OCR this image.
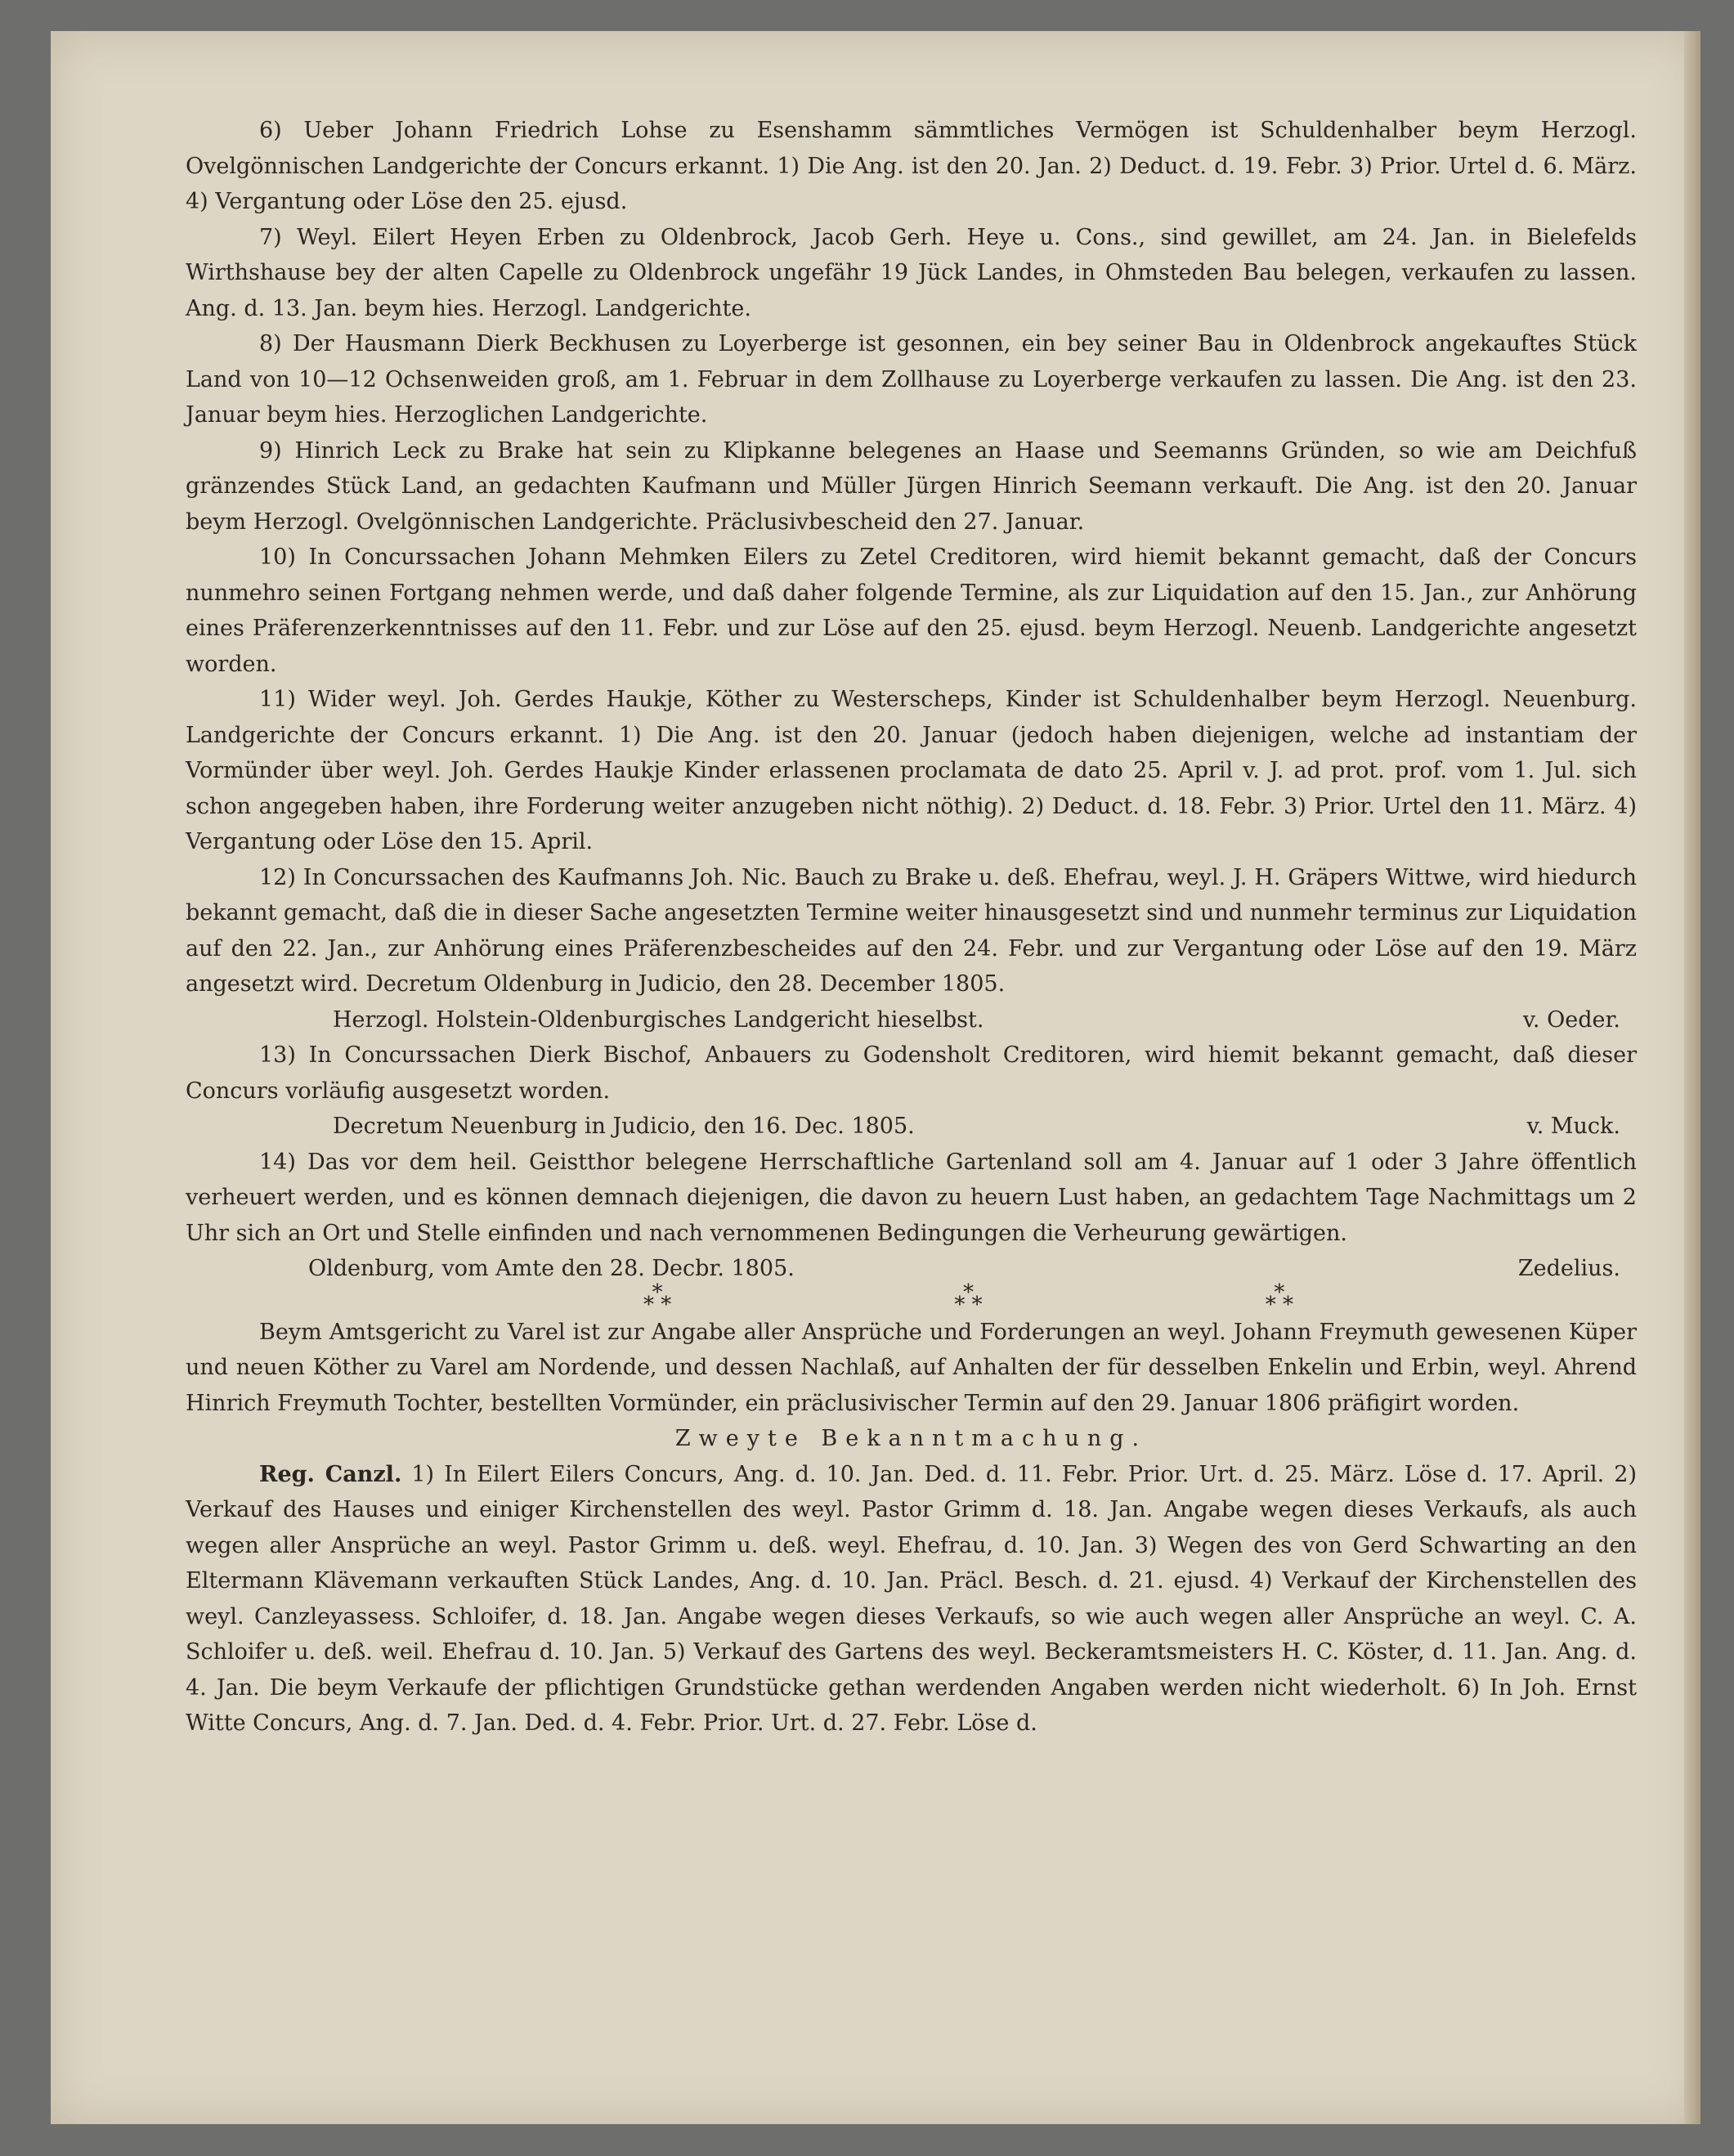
6) Ueber Johann Friedrich Lohse zu Esenshamm sämmtliches Vermögen ist Schuldenhalber beym Herzogl. Ovelgönnischen Landgerichte der Concurs erkannt. 1) Die Ang. ist den 20. Jan. 2) Deduct. d. 19. Febr. 3) Prior. Urtel d. 6. März. 4) Vergantung oder Löse den 25. ejusd.

7) Weyl. Eilert Heyen Erben zu Oldenbrock, Jacob Gerh. Heye u. Cons., sind gewillet, am 24. Jan. in Bielefelds Wirthshause bey der alten Capelle zu Oldenbrock ungefähr 19 Jück Landes, in Ohmsteden Bau belegen, verkaufen zu lassen. Ang. d. 13. Jan. beym hies. Herzogl. Landgerichte.

8) Der Hausmann Dierk Beckhusen zu Loyerberge ist gesonnen, ein bey seiner Bau in Oldenbrock angekauftes Stück Land von 10—12 Ochsenweiden groß, am 1. Februar in dem Zollhause zu Loyerberge verkaufen zu lassen. Die Ang. ist den 23. Januar beym hies. Herzoglichen Landgerichte.

9) Hinrich Leck zu Brake hat sein zu Klipkanne belegenes an Haase und Seemanns Gründen, so wie am Deichfuß gränzendes Stück Land, an gedachten Kaufmann und Müller Jürgen Hinrich Seemann verkauft. Die Ang. ist den 20. Januar beym Herzogl. Ovelgönnischen Landgerichte. Präclusivbescheid den 27. Januar.

10) In Concurssachen Johann Mehmken Eilers zu Zetel Creditoren, wird hiemit bekannt gemacht, daß der Concurs nunmehro seinen Fortgang nehmen werde, und daß daher folgende Termine, als zur Liquidation auf den 15. Jan., zur Anhörung eines Präferenzerkenntnisses auf den 11. Febr. und zur Löse auf den 25. ejusd. beym Herzogl. Neuenb. Landgerichte angesetzt worden.

11) Wider weyl. Joh. Gerdes Haukje, Köther zu Westerscheps, Kinder ist Schuldenhalber beym Herzogl. Neuenburg. Landgerichte der Concurs erkannt. 1) Die Ang. ist den 20. Januar (jedoch haben diejenigen, welche ad instantiam der Vormünder über weyl. Joh. Gerdes Haukje Kinder erlassenen proclamata de dato 25. April v. J. ad prot. prof. vom 1. Jul. sich schon angegeben haben, ihre Forderung weiter anzugeben nicht nöthig). 2) Deduct. d. 18. Febr. 3) Prior. Urtel den 11. März. 4) Vergantung oder Löse den 15. April.

12) In Concurssachen des Kaufmanns Joh. Nic. Bauch zu Brake u. deß. Ehefrau, weyl. J. H. Gräpers Wittwe, wird hiedurch bekannt gemacht, daß die in dieser Sache angesetzten Termine weiter hinausgesetzt sind und nunmehr terminus zur Liquidation auf den 22. Jan., zur Anhörung eines Präferenzbescheides auf den 24. Febr. und zur Vergantung oder Löse auf den 19. März angesetzt wird. Decretum Oldenburg in Judicio, den 28. December 1805.

Herzogl. Holstein-Oldenburgisches Landgericht hieselbst.	v. Oeder.

13) In Concurssachen Dierk Bischof, Anbauers zu Godensholt Creditoren, wird hiemit bekannt gemacht, daß dieser Concurs vorläufig ausgesetzt worden.

Decretum Neuenburg in Judicio, den 16. Dec. 1805.	v. Muck.

14) Das vor dem heil. Geistthor belegene Herrschaftliche Gartenland soll am 4. Januar auf 1 oder 3 Jahre öffentlich verheuert werden, und es können demnach diejenigen, die davon zu heuern Lust haben, an gedachtem Tage Nachmittags um 2 Uhr sich an Ort und Stelle einfinden und nach vernommenen Bedingungen die Verheurung gewärtigen.

Oldenburg, vom Amte den 28. Decbr. 1805.	Zedelius.
*
* *	*
* *	*
* *

Beym Amtsgericht zu Varel ist zur Angabe aller Ansprüche und Forderungen an weyl. Johann Freymuth gewesenen Küper und neuen Köther zu Varel am Nordende, und dessen Nachlaß, auf Anhalten der für desselben Enkelin und Erbin, weyl. Ahrend Hinrich Freymuth Tochter, bestellten Vormünder, ein präclusivischer Termin auf den 29. Januar 1806 präfigirt worden.

Zweyte Bekanntmachung.

Reg. Canzl. 1) In Eilert Eilers Concurs, Ang. d. 10. Jan. Ded. d. 11. Febr. Prior. Urt. d. 25. März. Löse d. 17. April. 2) Verkauf des Hauses und einiger Kirchenstellen des weyl. Pastor Grimm d. 18. Jan. Angabe wegen dieses Verkaufs, als auch wegen aller Ansprüche an weyl. Pastor Grimm u. deß. weyl. Ehefrau, d. 10. Jan. 3) Wegen des von Gerd Schwarting an den Eltermann Klävemann verkauften Stück Landes, Ang. d. 10. Jan. Präcl. Besch. d. 21. ejusd. 4) Verkauf der Kirchenstellen des weyl. Canzleyassess. Schloifer, d. 18. Jan. Angabe wegen dieses Verkaufs, so wie auch wegen aller Ansprüche an weyl. C. A. Schloifer u. deß. weil. Ehefrau d. 10. Jan. 5) Verkauf des Gartens des weyl. Beckeramtsmeisters H. C. Köster, d. 11. Jan. Ang. d. 4. Jan. Die beym Verkaufe der pflichtigen Grundstücke gethan werdenden Angaben werden nicht wiederholt. 6) In Joh. Ernst Witte Concurs, Ang. d. 7. Jan. Ded. d. 4. Febr. Prior. Urt. d. 27. Febr. Löse d.
